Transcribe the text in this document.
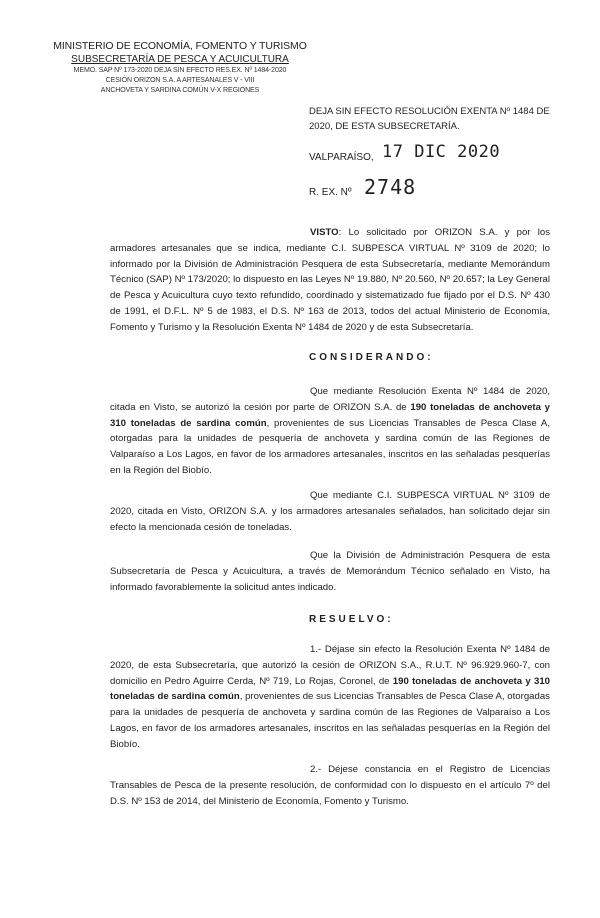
MINISTERIO DE ECONOMÍA, FOMENTO Y TURISMO
SUBSECRETARÍA DE PESCA Y ACUICULTURA
MEMO. SAP Nº 173-2020 DEJA SIN EFECTO RES.EX. Nº 1484-2020
CESIÓN ORIZON S.A. A ARTESANALES V - VIII
ANCHOVETA Y SARDINA COMÚN V-X REGIONES
DEJA SIN EFECTO RESOLUCIÓN EXENTA Nº 1484 DE 2020, DE ESTA SUBSECRETARÍA.
VALPARAÍSO, 17 DIC 2020
R. EX. Nº 2748

VISTO: Lo solicitado por ORIZON S.A. y por los armadores artesanales que se indica, mediante C.I. SUBPESCA VIRTUAL Nº 3109 de 2020; lo informado por la División de Administración Pesquera de esta Subsecretaría, mediante Memorándum Técnico (SAP) Nº 173/2020; lo dispuesto en las Leyes Nº 19.880, Nº 20.560, Nº 20.657; la Ley General de Pesca y Acuicultura cuyo texto refundido, coordinado y sistematizado fue fijado por el D.S. Nº 430 de 1991, el D.F.L. Nº 5 de 1983, el D.S. Nº 163 de 2013, todos del actual Ministerio de Economía, Fomento y Turismo y la Resolución Exenta Nº 1484 de 2020 y de esta Subsecretaría.

CONSIDERANDO:

Que mediante Resolución Exenta Nº 1484 de 2020, citada en Visto, se autorizó la cesión por parte de ORIZON S.A. de 190 toneladas de anchoveta y 310 toneladas de sardina común, provenientes de sus Licencias Transables de Pesca Clase A, otorgadas para la unidades de pesquería de anchoveta y sardina común de las Regiones de Valparaíso a Los Lagos, en favor de los armadores artesanales, inscritos en las señaladas pesquerías en la Región del Biobío.

Que mediante C.I. SUBPESCA VIRTUAL Nº 3109 de 2020, citada en Visto, ORIZON S.A. y los armadores artesanales señalados, han solicitado dejar sin efecto la mencionada cesión de toneladas.

Que la División de Administración Pesquera de esta Subsecretaría de Pesca y Acuicultura, a través de Memorándum Técnico señalado en Visto, ha informado favorablemente la solicitud antes indicado.

RESUELVO:

1.- Déjase sin efecto la Resolución Exenta Nº 1484 de 2020, de esta Subsecretaría, que autorizó la cesión de ORIZON S.A., R.U.T. Nº 96.929.960-7, con domicilio en Pedro Aguirre Cerda, Nº 719, Lo Rojas, Coronel, de 190 toneladas de anchoveta y 310 toneladas de sardina común, provenientes de sus Licencias Transables de Pesca Clase A, otorgadas para la unidades de pesquería de anchoveta y sardina común de las Regiones de Valparaíso a Los Lagos, en favor de los armadores artesanales, inscritos en las señaladas pesquerías en la Región del Biobío.

2.- Déjese constancia en el Registro de Licencias Transables de Pesca de la presente resolución, de conformidad con lo dispuesto en el artículo 7º del D.S. Nº 153 de 2014, del Ministerio de Economía, Fomento y Turismo.
